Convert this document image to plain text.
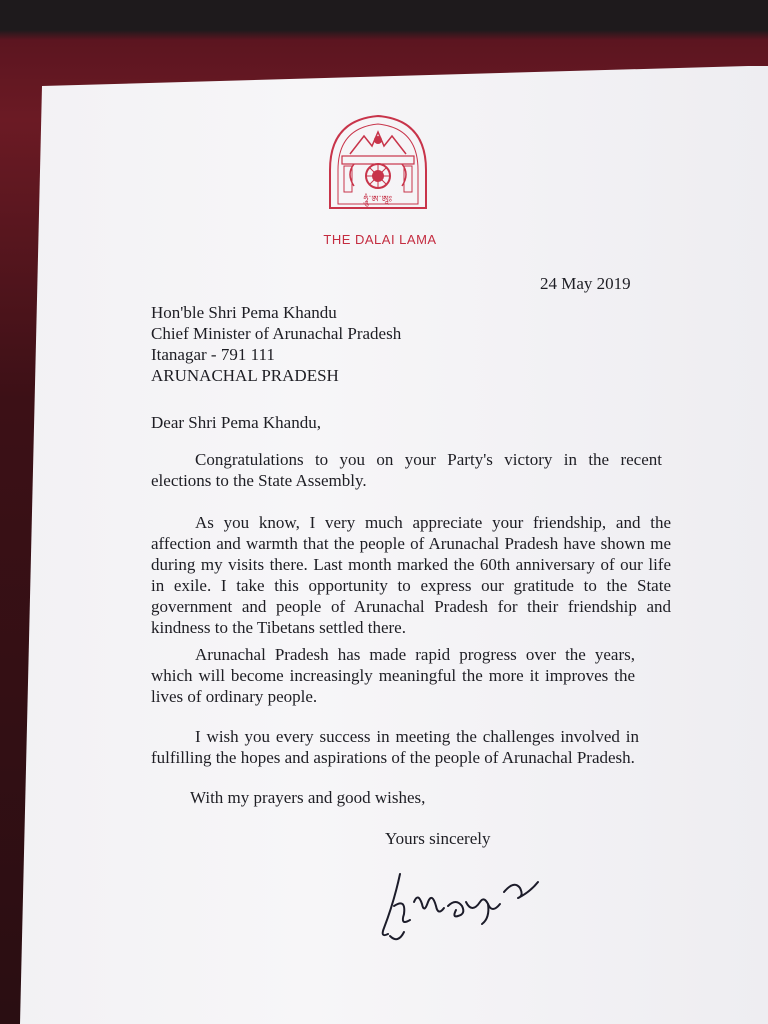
ཧཱུཾ་ཨ་ཨཱཿ
THE DALAI LAMA
24 May 2019
Hon'ble Shri Pema Khandu
Chief Minister of Arunachal Pradesh
Itanagar - 791 111
ARUNACHAL PRADESH
Dear Shri Pema Khandu,
Congratulations to you on your Party's victory in the recent elections to the State Assembly.
As you know, I very much appreciate your friendship, and the affection and warmth that the people of Arunachal Pradesh have shown me during my visits there. Last month marked the 60th anniversary of our life in exile. I take this opportunity to express our gratitude to the State government and people of Arunachal Pradesh for their friendship and kindness to the Tibetans settled there.
Arunachal Pradesh has made rapid progress over the years, which will become increasingly meaningful the more it improves the lives of ordinary people.
I wish you every success in meeting the challenges involved in fulfilling the hopes and aspirations of the people of Arunachal Pradesh.
With my prayers and good wishes,
Yours sincerely
